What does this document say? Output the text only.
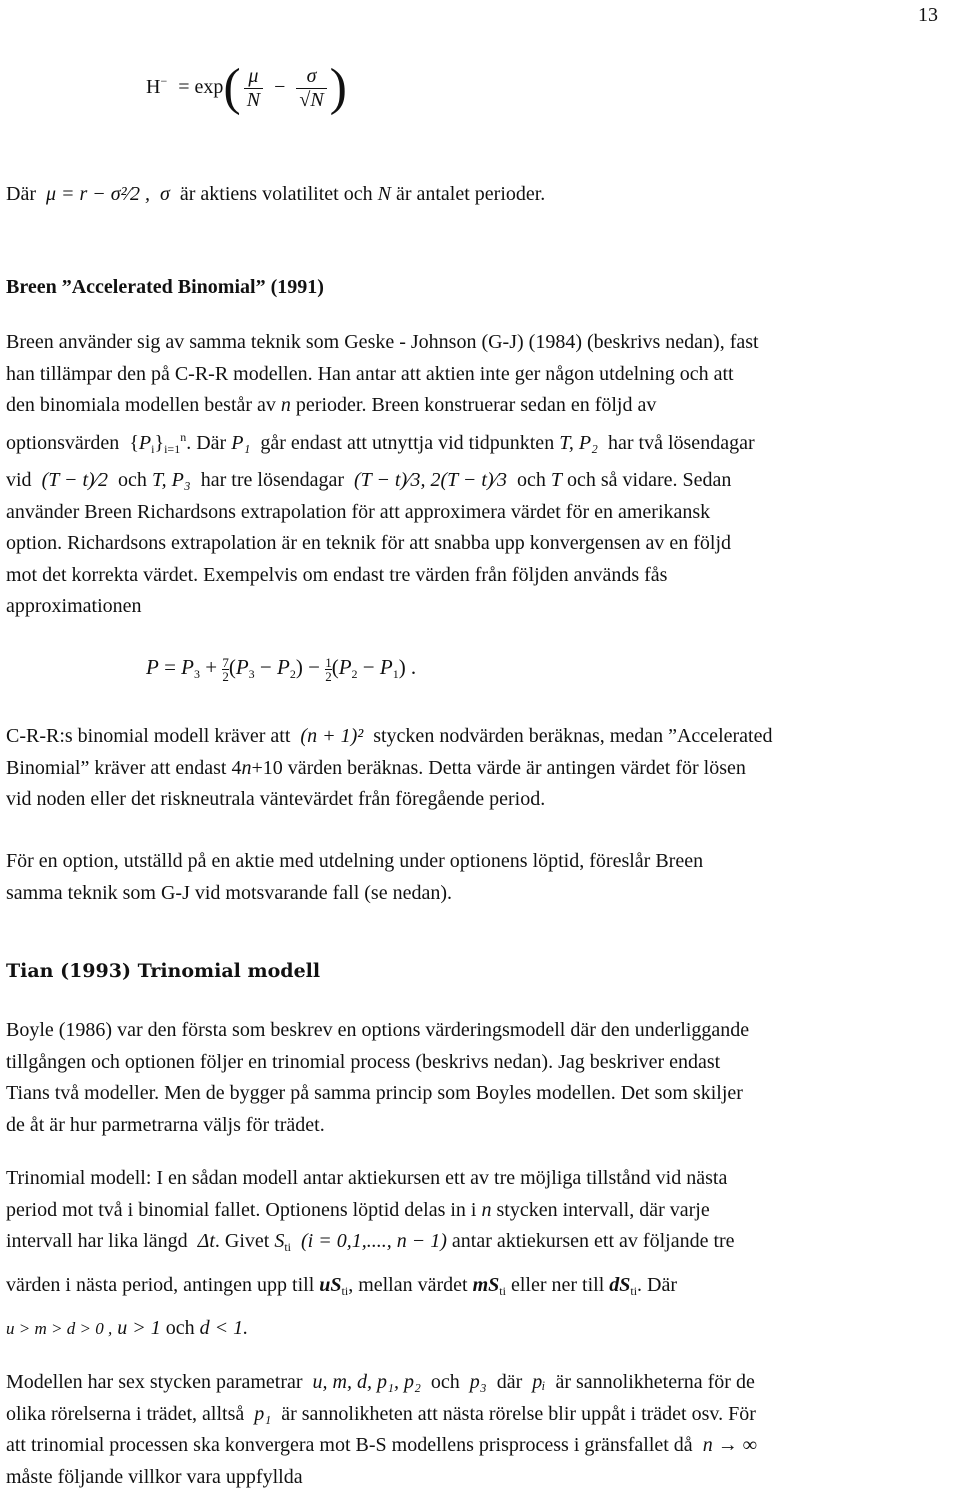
13
$H^- = \exp( \frac{\mu}{N} - \frac{\sigma}{√N}$ )
Där μ = r − σ²⁄2 , σ är aktiens volatilitet och N är antalet perioder.
Breen ”Accelerated Binomial” (1991)
Breen använder sig av samma teknik som Geske - Johnson (G-J) (1984) (beskrivs nedan), fast
han tillämpar den på C-R-R modellen. Han antar att aktien inte ger någon utdelning och att
den binomiala modellen består av n perioder. Breen konstruerar sedan en följd av
optionsvärden $\{P_i\}_{i=1}^n$. Där P₁ går endast att utnyttja vid tidpunkten T, P₂ har två lösendagar
vid (T − t)⁄2 och T, P₃ har tre lösendagar (T − t)⁄3, 2(T − t)⁄3 och T och så vidare. Sedan
använder Breen Richardsons extrapolation för att approximera värdet för en amerikansk
option. Richardsons extrapolation är en teknik för att snabba upp konvergensen av en följd
mot det korrekta värdet. Exempelvis om endast tre värden från följden används fås
approximationen
$P = P_3 + \frac{7}{2} (P_3 - P_2) - \frac{1}{2} (P_2 - P_1)$ .
C-R-R:s binomial modell kräver att (n + 1)² stycken nodvärden beräknas, medan ”Accelerated
Binomial” kräver att endast 4n+10 värden beräknas. Detta värde är antingen värdet för lösen
vid noden eller det riskneutrala väntevärdet från föregående period.
För en option, utställd på en aktie med utdelning under optionens löptid, föreslår Breen
samma teknik som G-J vid motsvarande fall (se nedan).
Tian (1993) Trinomial modell
Boyle (1986) var den första som beskrev en options värderingsmodell där den underliggande
tillgången och optionen följer en trinomial process (beskrivs nedan). Jag beskriver endast
Tians två modeller. Men de bygger på samma princip som Boyles modellen. Det som skiljer
de åt är hur parmetrarna väljs för trädet.
Trinomial modell: I en sådan modell antar aktiekursen ett av tre möjliga tillstånd vid nästa
period mot två i binomial fallet. Optionens löptid delas in i n stycken intervall, där varje
intervall har lika längd Δt. Givet $S_{ti}$ (i = 0,1,...., n − 1) antar aktiekursen ett av följande tre
värden i nästa period, antingen upp till $uS_{ti}$, mellan värdet $mS_{ti}$ eller ner till $dS_{ti}$. Där
u > m > d > 0 , u > 1 och d < 1.
Modellen har sex stycken parametrar u, m, d, p₁, p₂ och p₃ där pᵢ är sannolikheterna för de
olika rörelserna i trädet, alltså p₁ är sannolikheten att nästa rörelse blir uppåt i trädet osv. För
att trinomial processen ska konvergera mot B-S modellens prisprocess i gränsfallet då n → ∞
måste följande villkor vara uppfyllda
